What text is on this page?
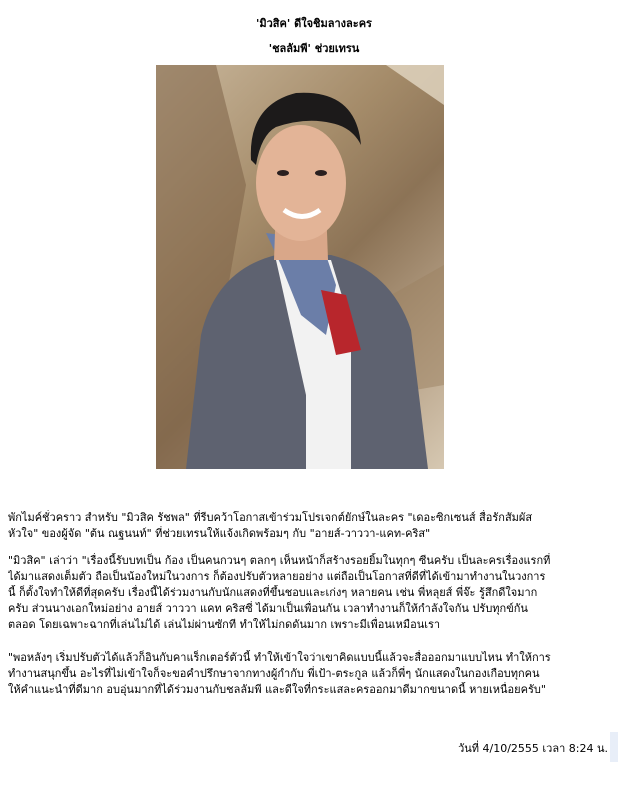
'มิวสิค' ดีใจชิมลางละคร
'ชลลัมพี' ช่วยเทรน
พักไมค์ชั่วคราว สำหรับ "มิวสิค รัชพล" ที่รีบคว้าโอกาสเข้าร่วมโปรเจกต์ยักษ์ในละคร "เดอะซิกเซนส์ สื่อรักสัมผัส
หัวใจ" ของผู้จัด "ต้น ณฐนนท์" ที่ช่วยเทรนให้แจ้งเกิดพร้อมๆ กับ "อายส์-วาววา-แคท-คริส"
"มิวสิค" เล่าว่า "เรื่องนี้รับบทเป็น ก้อง เป็นคนกวนๆ ตลกๆ เห็นหน้าก็สร้างรอยยิ้มในทุกๆ ซีนครับ เป็นละครเรื่องแรกที่
ได้มาแสดงเต็มตัว ถือเป็นน้องใหม่ในวงการ ก็ต้องปรับตัวหลายอย่าง แต่ถือเป็นโอกาสที่ดีที่ได้เข้ามาทำงานในวงการ
นี้ ก็ตั้งใจทำให้ดีที่สุดครับ เรื่องนี้ได้ร่วมงานกับนักแสดงที่ขึ้นชอบและเก่งๆ หลายคน เช่น พี่หลุยส์ พี่จ๊ะ รู้สึกดีใจมาก
ครับ ส่วนนางเอกใหม่อย่าง อายส์ วาววา แคท คริสซี่ ได้มาเป็นเพื่อนกัน เวลาทำงานก็ให้กำลังใจกัน ปรับทุกข์กัน
ตลอด โดยเฉพาะฉากที่เล่นไม่ได้ เล่นไม่ผ่านซักที ทำให้ไม่กดดันมาก เพราะมีเพื่อนเหมือนเรา
"พอหลังๆ เริ่มปรับตัวได้แล้วก็อินกับคาแร็กเตอร์ตัวนี้ ทำให้เข้าใจว่าเขาคิดแบบนี้แล้วจะสื่อออกมาแบบไหน ทำให้การ
ทำงานสนุกขึ้น อะไรที่ไม่เข้าใจก็จะขอคำปรึกษาจากทางผู้กำกับ พี่เป้า-ตระกูล แล้วก็พี่ๆ นักแสดงในกองเกือบทุกคน
ให้คำแนะนำที่ดีมาก อบอุ่นมากที่ได้ร่วมงานกับชลลัมพี และดีใจที่กระแสละครออกมาดีมากขนาดนี้ หายเหนื่อยครับ"
วันที่ 4/10/2555 เวลา 8:24 น.
